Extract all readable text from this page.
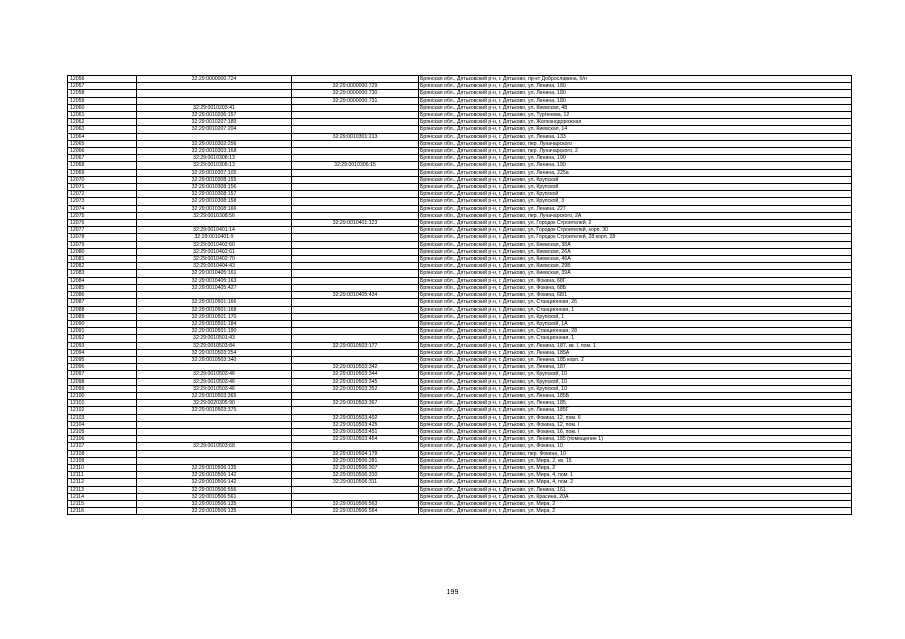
12056	32:29:0000000:724		Брянская обл., Дятьковский р-н, г. Дятьково, пр-кт Доброславина, б/н
12057		32:29:0000000:729	Брянская обл., Дятьковский р-н, г. Дятьково, ул. Ленина, 180
12058		32:29:0000000:730	Брянская обл., Дятьковский р-н, г. Дятьково, ул. Ленина, 180
12059		32:29:0000000:731	Брянская обл., Дятьковский р-н, г. Дятьково, ул. Ленина, 180
12060	32:29:0010203:41		Брянская обл., Дятьковский р-н, г. Дятьково, ул. Киевская, 48
12061	32:29:0010206:157		Брянская обл., Дятьковский р-н, г. Дятьково, ул. Тургенева, 12
12062	32:29:0010207:189		Брянская обл., Дятьковский р-н, г. Дятьково, ул. Железнодорожная
12063	32:29:0010207:204		Брянская обл., Дятьковский р-н, г. Дятьково, ул. Киевская, 14
12064		32:29:0010301:213	Брянская обл., Дятьковский р-н, г. Дятьково, ул. Ленина, 133
12065	32:29:0010302:256		Брянская обл., Дятьковский р-н, г. Дятьково, пер. Луначарского
12066	32:29:0010303:168		Брянская обл., Дятьковский р-н, г. Дятьково, пер. Луначарского, 2
12067	32:29:0010306:13		Брянская обл., Дятьковский р-н, г. Дятьково, ул. Ленина, 190
12068	32:29:0010306:13	32:29:0010306:15	Брянская обл., Дятьковский р-н, г. Дятьково, ул. Ленина, 190
12069	32:29:0010307:105		Брянская обл., Дятьковский р-н, г. Дятьково, ул. Ленина, 225а
12070	32:29:0010308:155		Брянская обл., Дятьковский р-н, г. Дятьково, ул. Крупской
12071	32:29:0010308:156		Брянская обл., Дятьковский р-н, г. Дятьково, ул. Крупской
12072	32:29:0010308:157		Брянская обл., Дятьковский р-н, г. Дятьково, ул. Крупской
12073	32:29:0010308:158		Брянская обл., Дятьковский р-н, г. Дятьково, ул. Крупской, 3
12074	32:29:0010308:166		Брянская обл., Дятьковский р-н, г. Дятьково, ул. Ленина, 227
12075	32:29:0010308:56		Брянская обл., Дятьковский р-н, г. Дятьково, пер. Луначарского, 2А
12076		32:29:0010401:123	Брянская обл., Дятьковский р-н, г. Дятьково, ул. Городок Строителей, 2
12077	32:29:0010401:14		Брянская обл., Дятьковский р-н, г. Дятьково, ул. Городок Строителей, корп. 30
12078	32:29:0010401:9		Брянская обл., Дятьковский р-н, г. Дятьково, ул. Городок Строителей, 28 корп. 28
12079	32:29:0010402:60		Брянская обл., Дятьковский р-н, г. Дятьково, ул. Киевская, 38А
12080	32:29:0010402:61		Брянская обл., Дятьковский р-н, г. Дятьково, ул. Киевская, 26А
12081	32:29:0010402:70		Брянская обл., Дятьковский р-н, г. Дятьково, ул. Киевская, 46А
12082	32:29:0010404:43		Брянская обл., Дятьковский р-н, г. Дятьково, ул. Киевская, 29Б
12083	32:29:0010405:161		Брянская обл., Дятьковский р-н, г. Дятьково, ул. Киевская, 39А
12084	32:29:0010405:163		Брянская обл., Дятьковский р-н, г. Дятьково, ул. Фокина, 68Г
12085	32:29:0010405:427		Брянская обл., Дятьковский р-н, г. Дятьково, ул. Фокина, 68Б
12086		32:29:0010405:434	Брянская обл., Дятьковский р-н, г. Дятьково, ул. Фокина, 68/1
12087	32:29:0010501:166		Брянская обл., Дятьковский р-н, г. Дятьково, ул. Станционная, 26
12088	32:29:0010501:168		Брянская обл., Дятьковский р-н, г. Дятьково, ул. Станционная, 1
12089	32:29:0010501:170		Брянская обл., Дятьковский р-н, г. Дятьково, ул. Крупской, 1
12090	32:29:0010501:184		Брянская обл., Дятьковский р-н, г. Дятьково, ул. Крупской, 1А
12091	32:29:0010501:190		Брянская обл., Дятьковский р-н, г. Дятьково, ул. Станционная, 28
12092	32:29:0010501:43		Брянская обл., Дятьковский р-н, г. Дятьково, ул. Станционная, 1
12093	32:29:0010503:84	32:29:0010503:177	Брянская обл., Дятьковский р-н, г. Дятьково, ул. Ленина, 187, кв. I, пом. 1
12094	32:29:0010503:254		Брянская обл., Дятьковский р-н, г. Дятьково, ул. Ленина, 185А
12095	32:29:0010503:340		Брянская обл., Дятьковский р-н, г. Дятьково, ул. Ленина, 185 корп. 2
12096		32:29:0010503:342	Брянская обл., Дятьковский р-н, г. Дятьково, ул. Ленина, 187
12097	32:29:0010503:46	32:29:0010503:344	Брянская обл., Дятьковский р-н, г. Дятьково, ул. Крупской, 10
12098	32:29:0010503:46	32:29:0010503:345	Брянская обл., Дятьковский р-н, г. Дятьково, ул. Крупской, 10
12099	32:29:0010503:46	32:29:0010503:352	Брянская обл., Дятьковский р-н, г. Дятьково, ул. Крупской, 10
12100	32:29:0010503:365		Брянская обл., Дятьковский р-н, г. Дятьково, ул. Ленина, 185Б
12101	32:29:0020305:90	32:29:0010503:367	Брянская обл., Дятьковский р-н, г. Дятьково, ул. Ленина, 185
12102	32:29:0010503:375		Брянская обл., Дятьковский р-н, г. Дятьково, ул. Ленина, 185Г
12103		32:29:0010503:402	Брянская обл., Дятьковский р-н, г. Дятьково, ул. Фокина, 12, пом. II
12104		32:29:0010503:425	Брянская обл., Дятьковский р-н, г. Дятьково, ул. Фокина, 12, пом. I
12105		32:29:0010503:451	Брянская обл., Дятьковский р-н, г. Дятьково, ул. Фокина, 16, пом. I
12106		32:29:0010503:454	Брянская обл., Дятьковский р-н, г. Дятьково, ул. Ленина, 185 (помещение 1)
12107	32:29:0010503:68		Брянская обл., Дятьковский р-н, г. Дятьково, ул. Фокина, 10
12108		32:29:0010504:178	Брянская обл., Дятьковский р-н, г. Дятьково, пер. Фокина, 10
12109		32:29:0010506:281	Брянская обл., Дятьковский р-н, г. Дятьково, ул. Мира, 2, кв. 15
12110	32:29:0010506:135	32:29:0010506:307	Брянская обл., Дятьковский р-н, г. Дятьково, ул. Мира, 2
12111	32:29:0010506:142	32:29:0010506:310	Брянская обл., Дятьковский р-н, г. Дятьково, ул. Мира, 4, пом. 1
12112	32:29:0010506:142	32:29:0010506:311	Брянская обл., Дятьковский р-н, г. Дятьково, ул. Мира, 4, пом. 2
12113	32:29:0010506:556		Брянская обл., Дятьковский р-н, г. Дятьково, ул. Ленина, 161
12114	32:29:0010506:561		Брянская обл., Дятьковский р-н, г. Дятьково, ул. Красина, 20А
12115	32:29:0010506:135	32:29:0010506:563	Брянская обл., Дятьковский р-н, г. Дятьково, ул. Мира, 2
12116	32:29:0010506:135	32:29:0010506:564	Брянская обл., Дятьковский р-н, г. Дятьково, ул. Мира, 2
199
